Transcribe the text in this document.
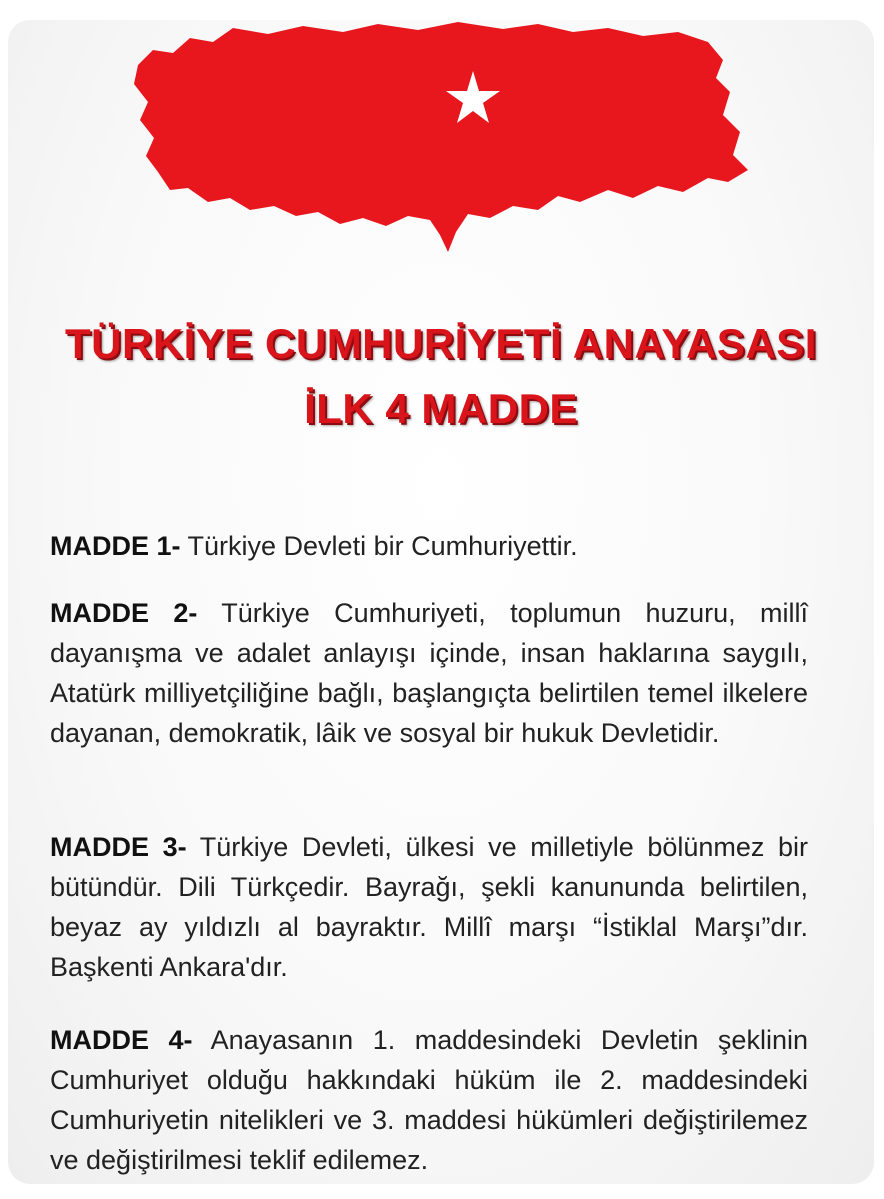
TÜRKİYE CUMHURİYETİ ANAYASASI
İLK 4 MADDE
MADDE 1- Türkiye Devleti bir Cumhuriyettir.
MADDE 2- Türkiye Cumhuriyeti, toplumun huzuru, millî dayanışma ve adalet anlayışı içinde, insan haklarına saygılı, Atatürk milliyetçiliğine bağlı, başlangıçta belirtilen temel ilkelere dayanan, demokratik, lâik ve sosyal bir hukuk Devletidir.
MADDE 3- Türkiye Devleti, ülkesi ve milletiyle bölünmez bir bütündür. Dili Türkçedir. Bayrağı, şekli kanununda belirtilen, beyaz ay yıldızlı al bayraktır. Millî marşı “İstiklal Marşı”dır. Başkenti Ankara'dır.
MADDE 4- Anayasanın 1. maddesindeki Devletin şeklinin Cumhuriyet olduğu hakkındaki hüküm ile 2. maddesindeki Cumhuriyetin nitelikleri ve 3. maddesi hükümleri değiştirilemez ve değiştirilmesi teklif edilemez.
